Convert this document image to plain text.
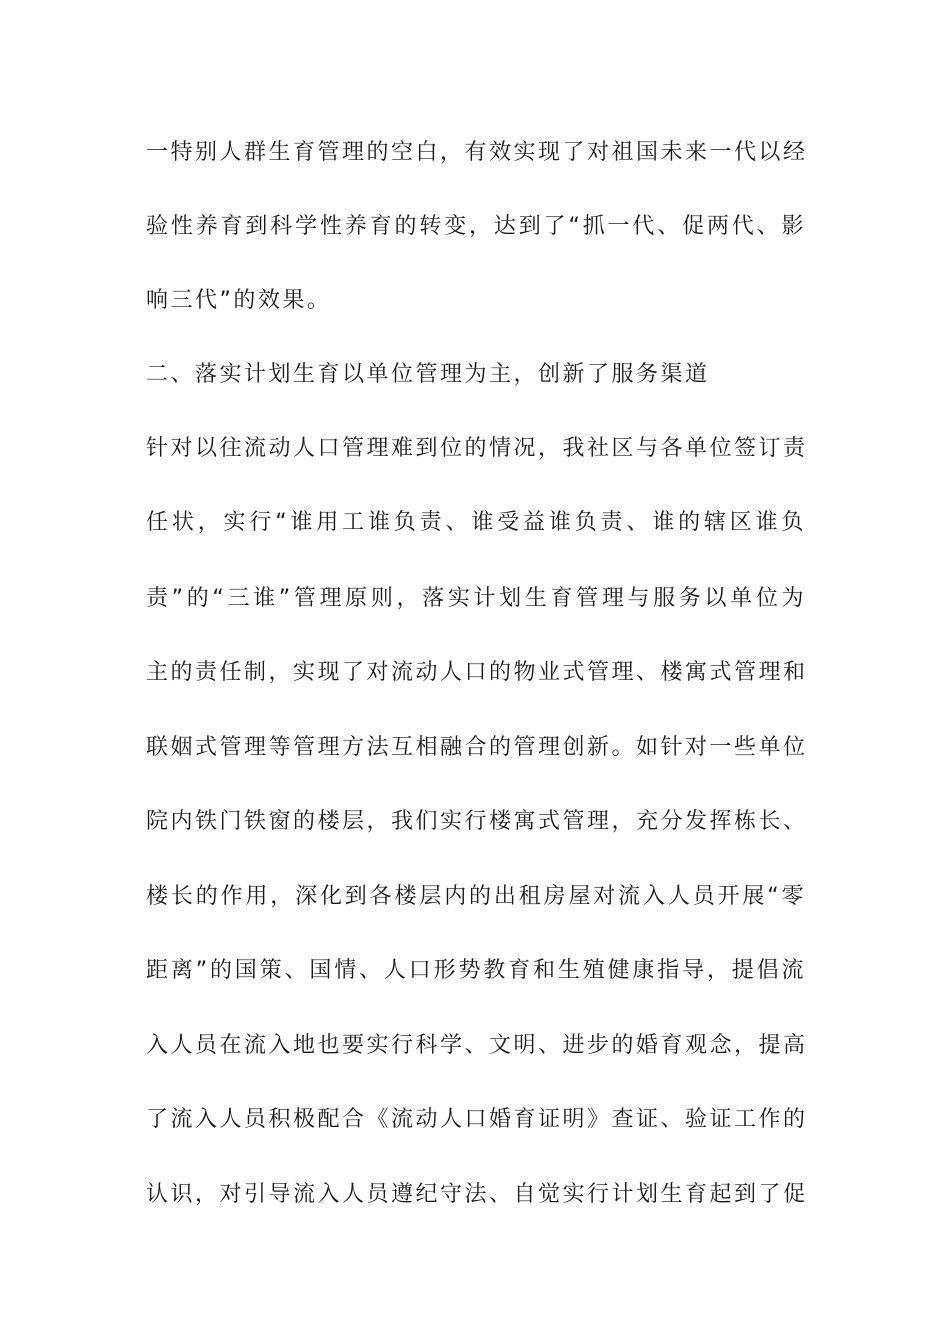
一特别人群生育管理的空白，有效实现了对祖国未来一代以经
验性养育到科学性养育的转变，达到了“抓一代、促两代、影
响三代”的效果。
二、落实计划生育以单位管理为主，创新了服务渠道
针对以往流动人口管理难到位的情况，我社区与各单位签订责
任状，实行“谁用工谁负责、谁受益谁负责、谁的辖区谁负
责”的“三谁”管理原则，落实计划生育管理与服务以单位为
主的责任制，实现了对流动人口的物业式管理、楼寓式管理和
联姻式管理等管理方法互相融合的管理创新。如针对一些单位
院内铁门铁窗的楼层，我们实行楼寓式管理，充分发挥栋长、
楼长的作用，深化到各楼层内的出租房屋对流入人员开展“零
距离”的国策、国情、人口形势教育和生殖健康指导，提倡流
入人员在流入地也要实行科学、文明、进步的婚育观念，提高
了流入人员积极配合《流动人口婚育证明》查证、验证工作的
认识，对引导流入人员遵纪守法、自觉实行计划生育起到了促
